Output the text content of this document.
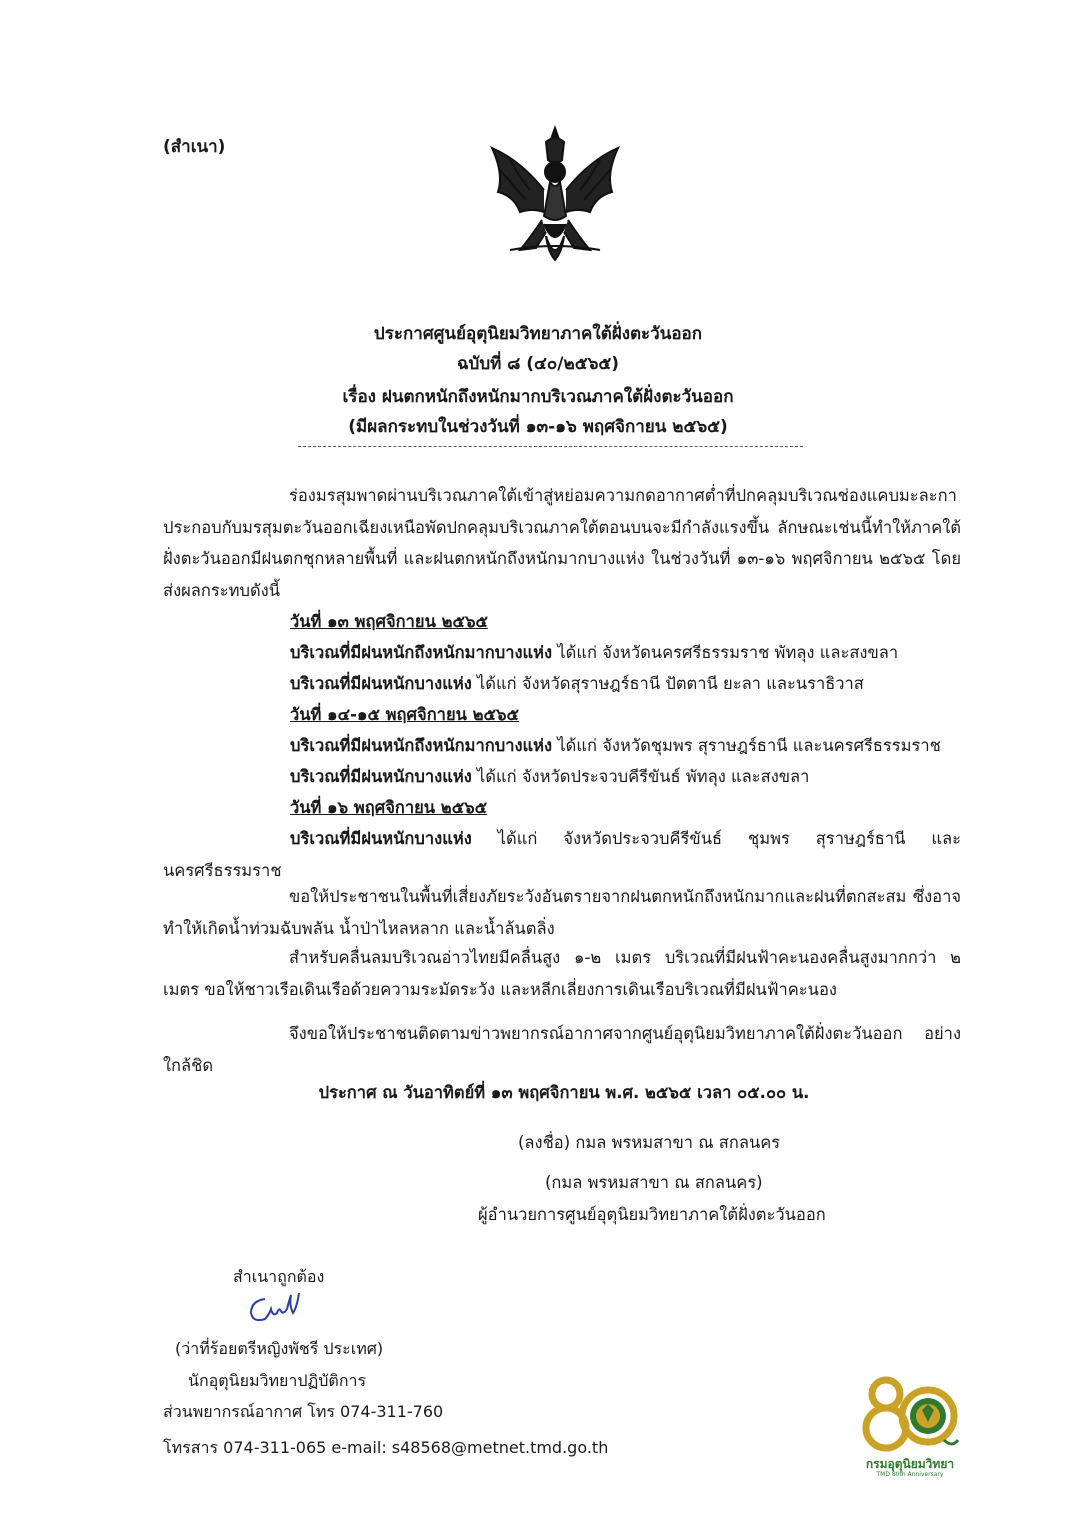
(สำเนา)
ประกาศศูนย์อุตุนิยมวิทยาภาคใต้ฝั่งตะวันออก
ฉบับที่ ๘ (๔๐/๒๕๖๕)
เรื่อง ฝนตกหนักถึงหนักมากบริเวณภาคใต้ฝั่งตะวันออก
(มีผลกระทบในช่วงวันที่ ๑๓-๑๖ พฤศจิกายน ๒๕๖๕)
ร่องมรสุมพาดผ่านบริเวณภาคใต้เข้าสู่หย่อมความกดอากาศต่ำที่ปกคลุมบริเวณช่องแคบมะละกา ประกอบกับมรสุมตะวันออกเฉียงเหนือพัดปกคลุมบริเวณภาคใต้ตอนบนจะมีกำลังแรงขึ้น ลักษณะเช่นนี้ทำให้ภาคใต้ฝั่งตะวันออกมีฝนตกชุกหลายพื้นที่ และฝนตกหนักถึงหนักมากบางแห่ง ในช่วงวันที่ ๑๓-๑๖ พฤศจิกายน ๒๕๖๕ โดยส่งผลกระทบดังนี้
วันที่ ๑๓ พฤศจิกายน ๒๕๖๕
บริเวณที่มีฝนหนักถึงหนักมากบางแห่ง ได้แก่ จังหวัดนครศรีธรรมราช พัทลุง และสงขลา
บริเวณที่มีฝนหนักบางแห่ง ได้แก่ จังหวัดสุราษฎร์ธานี ปัตตานี ยะลา และนราธิวาส
วันที่ ๑๔-๑๕ พฤศจิกายน ๒๕๖๕
บริเวณที่มีฝนหนักถึงหนักมากบางแห่ง ได้แก่ จังหวัดชุมพร สุราษฎร์ธานี และนครศรีธรรมราช
บริเวณที่มีฝนหนักบางแห่ง ได้แก่ จังหวัดประจวบคีรีขันธ์ พัทลุง และสงขลา
วันที่ ๑๖ พฤศจิกายน ๒๕๖๕
บริเวณที่มีฝนหนักบางแห่ง ได้แก่ จังหวัดประจวบคีรีขันธ์ ชุมพร สุราษฎร์ธานี และนครศรีธรรมราช
ขอให้ประชาชนในพื้นที่เสี่ยงภัยระวังอันตรายจากฝนตกหนักถึงหนักมากและฝนที่ตกสะสม ซึ่งอาจทำให้เกิดน้ำท่วมฉับพลัน น้ำป่าไหลหลาก และน้ำล้นตลิ่ง
สำหรับคลื่นลมบริเวณอ่าวไทยมีคลื่นสูง ๑-๒ เมตร บริเวณที่มีฝนฟ้าคะนองคลื่นสูงมากกว่า ๒ เมตร ขอให้ชาวเรือเดินเรือด้วยความระมัดระวัง และหลีกเลี่ยงการเดินเรือบริเวณที่มีฝนฟ้าคะนอง
จึงขอให้ประชาชนติดตามข่าวพยากรณ์อากาศจากศูนย์อุตุนิยมวิทยาภาคใต้ฝั่งตะวันออก อย่างใกล้ชิด
ประกาศ ณ วันอาทิตย์ที่ ๑๓ พฤศจิกายน พ.ศ. ๒๕๖๕ เวลา ๐๕.๐๐ น.
(ลงชื่อ) กมล พรหมสาขา ณ สกลนคร
(กมล พรหมสาขา ณ สกลนคร)
ผู้อำนวยการศูนย์อุตุนิยมวิทยาภาคใต้ฝั่งตะวันออก
สำเนาถูกต้อง
(ว่าที่ร้อยตรีหญิงพัชรี ประเทศ)
นักอุตุนิยมวิทยาปฏิบัติการ
ส่วนพยากรณ์อากาศ โทร 074-311-760
โทรสาร 074-311-065 e-mail: s48568@metnet.tmd.go.th
กรมอุตุนิยมวิทยา
TMD 80th Anniversary
